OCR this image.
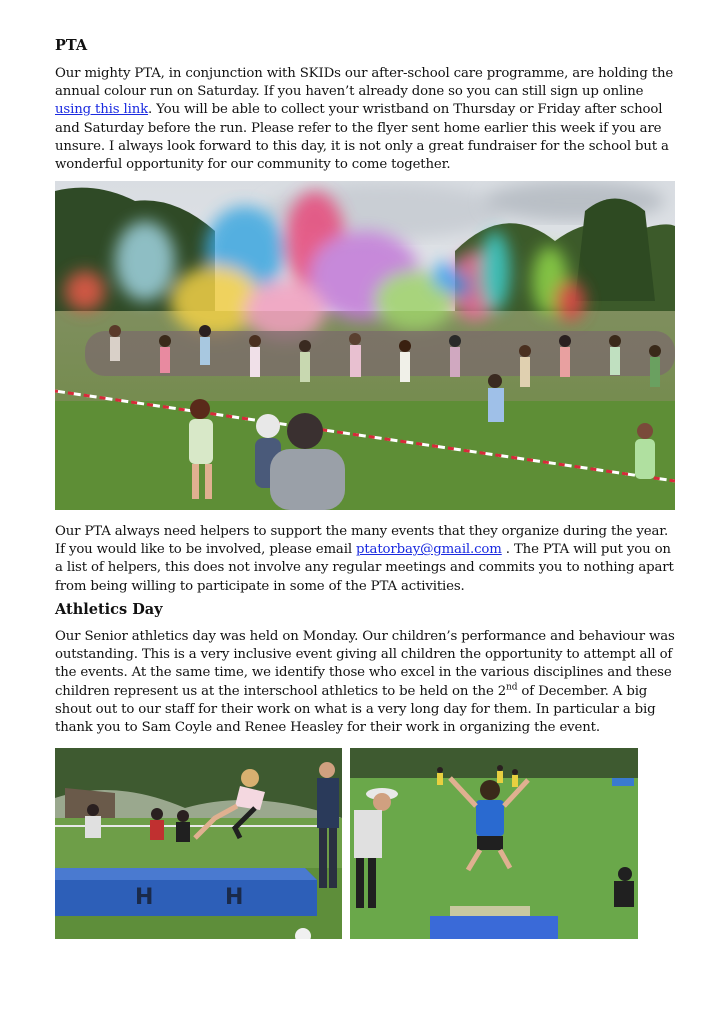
PTA

Our mighty PTA, in conjunction with SKIDs our after-school care programme, are holding the annual colour run on Saturday. If you haven’t already done so you can still sign up online using this link. You will be able to collect your wristband on Thursday or Friday after school and Saturday before the run. Please refer to the flyer sent home earlier this week if you are unsure. I always look forward to this day, it is not only a great fundraiser for the school but a wonderful opportunity for our community to come together.

Our PTA always need helpers to support the many events that they organize during the year. If you would like to be involved, please email ptatorbay@gmail.com . The PTA will put you on a list of helpers, this does not involve any regular meetings and commits you to nothing apart from being willing to participate in some of the PTA activities.

Athletics Day

Our Senior athletics day was held on Monday. Our children’s performance and behaviour was outstanding. This is a very inclusive event giving all children the opportunity to attempt all of the events. At the same time, we identify those who excel in the various disciplines and these children represent us at the interschool athletics to be held on the 2nd of December. A big shout out to our staff for their work on what is a very long day for them. In particular a big thank you to Sam Coyle and Renee Heasley for their work in organizing the event.

H	H
